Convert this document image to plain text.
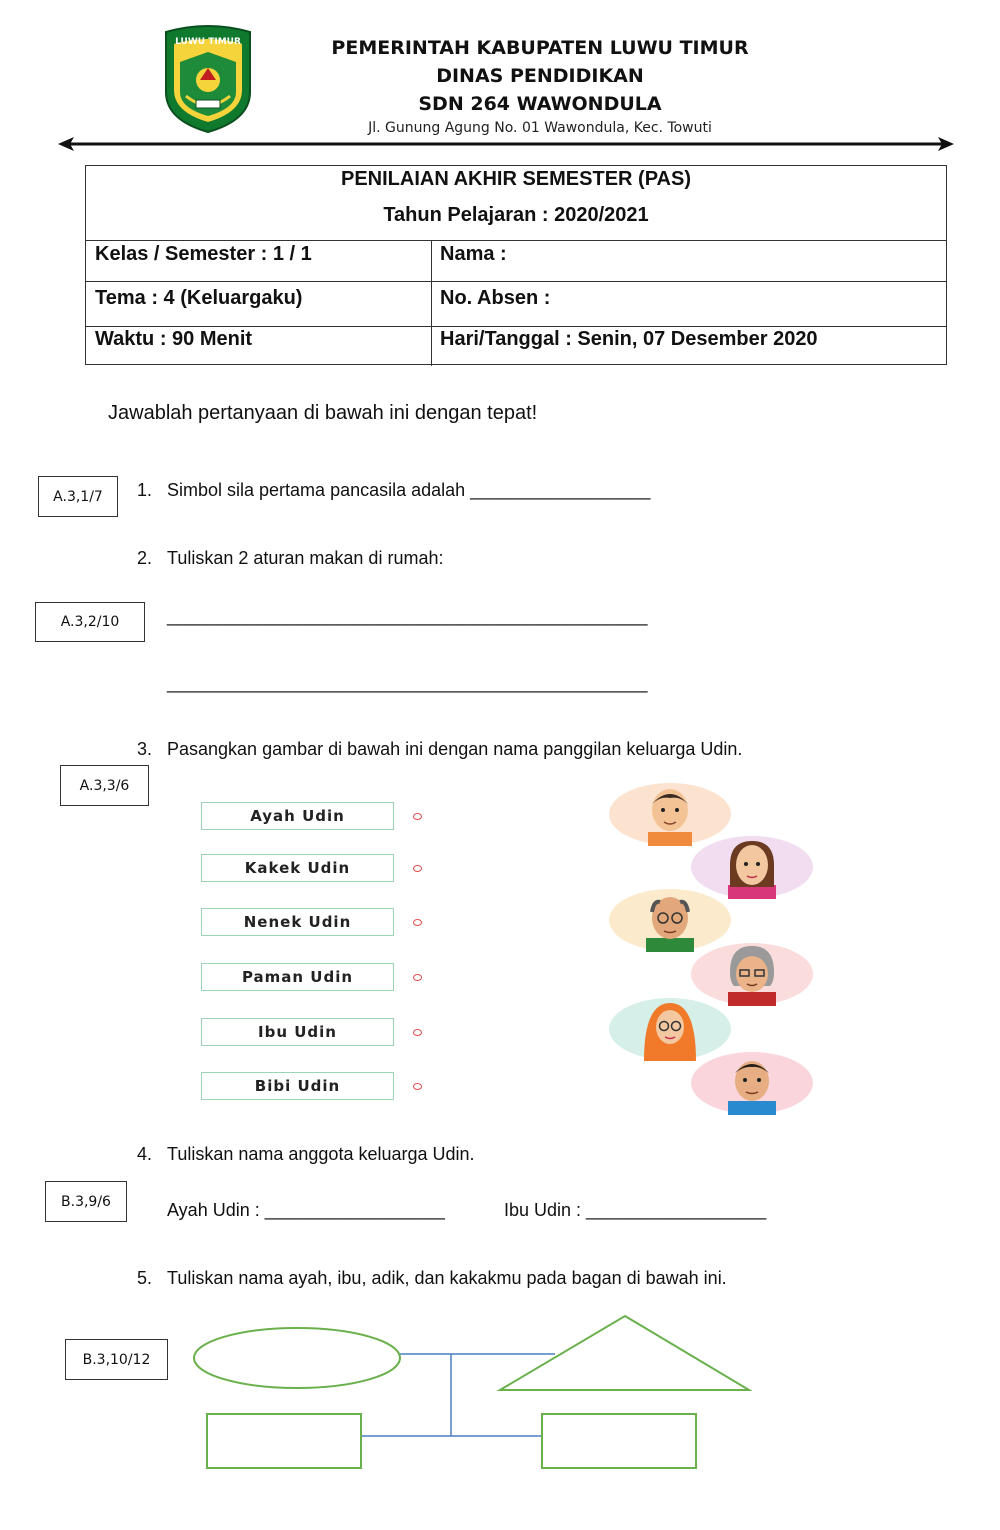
LUWU TIMUR	PEMERINTAH KABUPATEN LUWU TIMUR
DINAS PENDIDIKAN
SDN 264 WAWONDULA
Jl. Gunung Agung No. 01 Wawondula, Kec. Towuti
PENILAIAN AKHIR SEMESTER (PAS)
Tahun Pelajaran : 2020/2021
Kelas / Semester : 1 / 1	Nama :
Tema : 4 (Keluargaku)	No. Absen :
Waktu : 90 Menit	Hari/Tanggal : Senin, 07 Desember 2020
Jawablah pertanyaan di bawah ini dengan tepat!
A.3,1/7	1. Simbol sila pertama pancasila adalah __________________
2. Tuliskan 2 aturan makan di rumah:
A.3,2/10	________________________________________________
________________________________________________
3. Pasangkan gambar di bawah ini dengan nama panggilan keluarga Udin.
A.3,3/6
Ayah Udin
Kakek Udin
Nenek Udin
Paman Udin
Ibu Udin
Bibi Udin
4. Tuliskan nama anggota keluarga Udin.
B.3,9/6	Ayah Udin : __________________	Ibu Udin : __________________
5. Tuliskan nama ayah, ibu, adik, dan kakakmu pada bagan di bawah ini.
B.3,10/12
